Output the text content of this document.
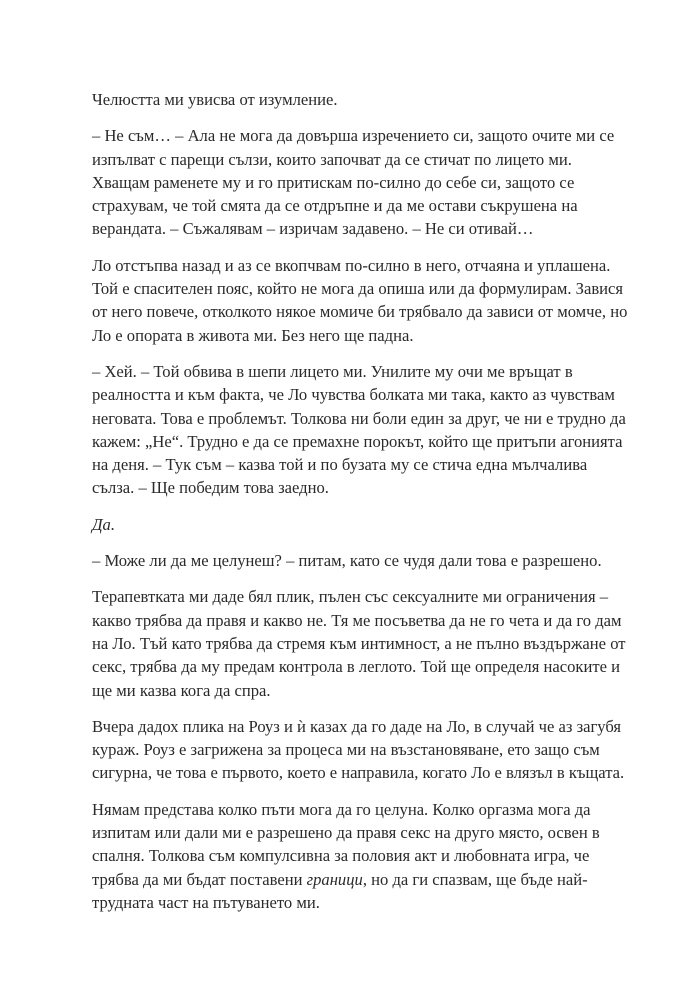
Челюстта ми увисва от изумление.

– Не съм… – Ала не мога да довърша изречението си, защото очите ми се изпълват с парещи сълзи, които започват да се стичат по лицето ми. Хващам раменете му и го притискам по-силно до себе си, защото се страхувам, че той смята да се отдръпне и да ме остави съкрушена на верандата. – Съжалявам – изричам задавено. – Не си отивай…

Ло отстъпва назад и аз се вкопчвам по-силно в него, отчаяна и уплашена. Той е спасителен пояс, който не мога да опиша или да формулирам. Завися от него повече, отколкото някое момиче би трябвало да зависи от момче, но Ло е опората в живота ми. Без него ще падна.

– Хей. – Той обвива в шепи лицето ми. Унилите му очи ме връщат в реалността и към факта, че Ло чувства болката ми така, както аз чувствам неговата. Това е проблемът. Толкова ни боли един за друг, че ни е трудно да кажем: „Не“. Трудно е да се премахне порокът, който ще притъпи агонията на деня. – Тук съм – казва той и по бузата му се стича една мълчалива сълза. – Ще победим това заедно.

Да.

– Може ли да ме целунеш? – питам, като се чудя дали това е разрешено.

Терапевтката ми даде бял плик, пълен със сексуалните ми ограничения – какво трябва да правя и какво не. Тя ме посъветва да не го чета и да го дам на Ло. Тъй като трябва да стремя към интимност, а не пълно въздържане от секс, трябва да му предам контрола в леглото. Той ще определя насоките и ще ми казва кога да спра.

Вчера дадох плика на Роуз и ѝ казах да го даде на Ло, в случай че аз загубя кураж. Роуз е загрижена за процеса ми на възстановяване, ето защо съм сигурна, че това е първото, което е направила, когато Ло е влязъл в къщата.

Нямам представа колко пъти мога да го целуна. Колко оргазма мога да изпитам или дали ми е разрешено да правя секс на друго място, освен в спалня. Толкова съм компулсивна за половия акт и любовната игра, че трябва да ми бъдат поставени граници, но да ги спазвам, ще бъде най-трудната част на пътуването ми.
